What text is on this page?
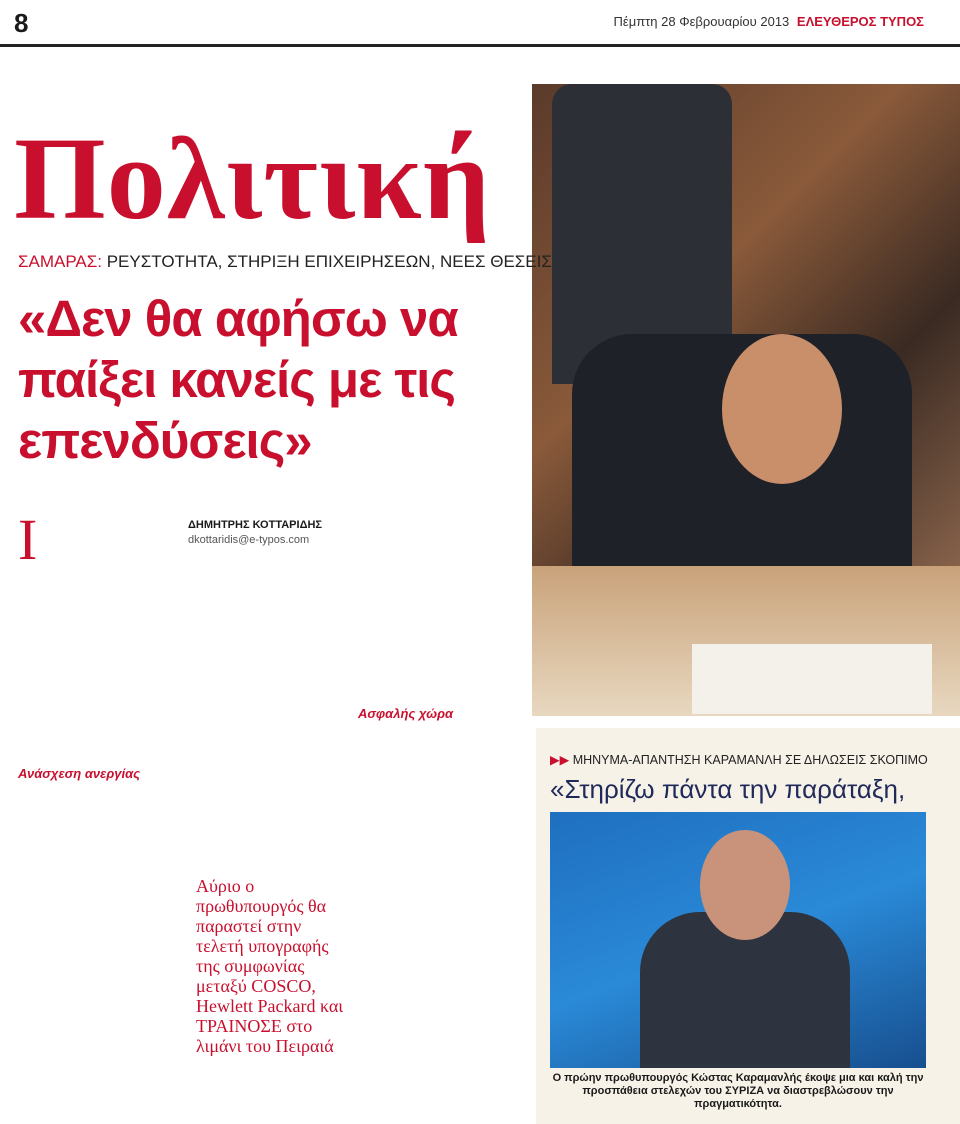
8	Πέμπτη 28 Φεβρουαρίου 2013 ΕΛΕΥΘΕΡΟΣ ΤΥΠΟΣ
Πολιτική
ΣΑΜΑΡΑΣ: ΡΕΥΣΤΟΤΗΤΑ, ΣΤΗΡΙΞΗ ΕΠΙΧΕΙΡΗΣΕΩΝ, ΝΕΕΣ ΘΕΣΕΙΣ
«Δεν θα αφήσω να παίξει κανείς με τις επενδύσεις»
Ι
Ανάσχεση ανεργίας
ΔΗΜΗΤΡΗΣ ΚΟΤΤΑΡΙΔΗΣ
dkottaridis@e-typos.com
Ασφαλής χώρα
Αύριο ο πρωθυπουργός θα παραστεί στην τελετή υπογραφής της συμφωνίας μεταξύ COSCO, Hewlett Packard και ΤΡΑΙΝΟΣΕ στο λιμάνι του Πειραιά
▶▶ ΜΗΝΥΜΑ-ΑΠΑΝΤΗΣΗ ΚΑΡΑΜΑΝΛΗ ΣΕ ΔΗΛΩΣΕΙΣ ΣΚΟΠΙΜΟ
«Στηρίζω πάντα την παράταξη,
Ο πρώην πρωθυπουργός Κώστας Καραμανλής έκοψε μια και καλή την προσπάθεια στελεχών του ΣΥΡΙΖΑ να διαστρεβλώσουν την πραγματικότητα.
